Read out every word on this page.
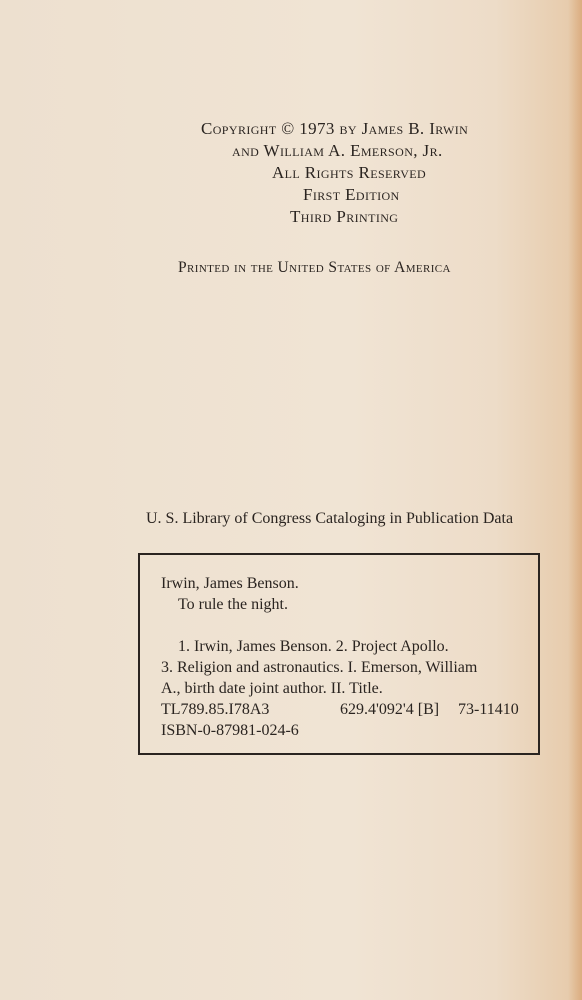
Copyright © 1973 by James B. Irwin
and William A. Emerson, Jr.
All Rights Reserved
First Edition
Third Printing
Printed in the United States of America
U. S. Library of Congress Cataloging in Publication Data
Irwin, James Benson.
To rule the night.
1. Irwin, James Benson. 2. Project Apollo.
3. Religion and astronautics. I. Emerson, William
A., birth date joint author. II. Title.
TL789.85.I78A3	629.4'092'4 [B] 73-11410
ISBN-0-87981-024-6
